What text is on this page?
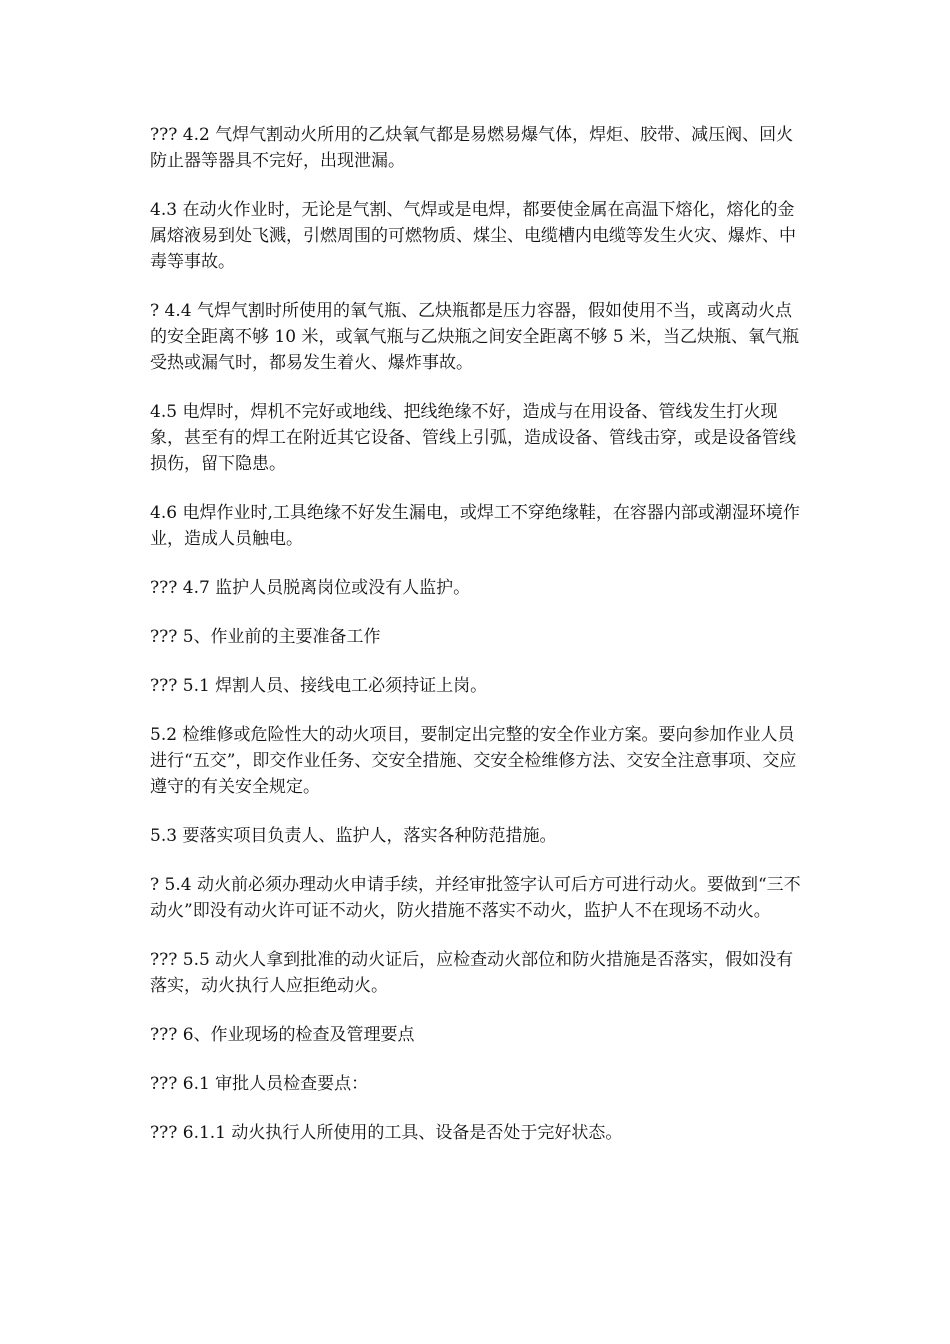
??? 4.2 气焊气割动火所用的乙炔氧气都是易燃易爆气体，焊炬、胶带、减压阀、回火防止器等器具不完好，出现泄漏。

4.3 在动火作业时，无论是气割、气焊或是电焊，都要使金属在高温下熔化，熔化的金属熔液易到处飞溅，引燃周围的可燃物质、煤尘、电缆槽内电缆等发生火灾、爆炸、中毒等事故。

? 4.4 气焊气割时所使用的氧气瓶、乙炔瓶都是压力容器，假如使用不当，或离动火点的安全距离不够 10 米，或氧气瓶与乙炔瓶之间安全距离不够 5 米，当乙炔瓶、氧气瓶受热或漏气时，都易发生着火、爆炸事故。

4.5 电焊时，焊机不完好或地线、把线绝缘不好，造成与在用设备、管线发生打火现象，甚至有的焊工在附近其它设备、管线上引弧，造成设备、管线击穿，或是设备管线损伤，留下隐患。

4.6 电焊作业时,工具绝缘不好发生漏电，或焊工不穿绝缘鞋，在容器内部或潮湿环境作业，造成人员触电。

??? 4.7 监护人员脱离岗位或没有人监护。

??? 5、作业前的主要准备工作

??? 5.1 焊割人员、接线电工必须持证上岗。

5.2 检维修或危险性大的动火项目，要制定出完整的安全作业方案。要向参加作业人员进行“五交”，即交作业任务、交安全措施、交安全检维修方法、交安全注意事项、交应遵守的有关安全规定。

5.3 要落实项目负责人、监护人，落实各种防范措施。

? 5.4 动火前必须办理动火申请手续，并经审批签字认可后方可进行动火。要做到“三不动火”即没有动火许可证不动火，防火措施不落实不动火，监护人不在现场不动火。

??? 5.5 动火人拿到批准的动火证后，应检查动火部位和防火措施是否落实，假如没有落实，动火执行人应拒绝动火。

??? 6、作业现场的检查及管理要点

??? 6.1 审批人员检查要点：

??? 6.1.1 动火执行人所使用的工具、设备是否处于完好状态。
